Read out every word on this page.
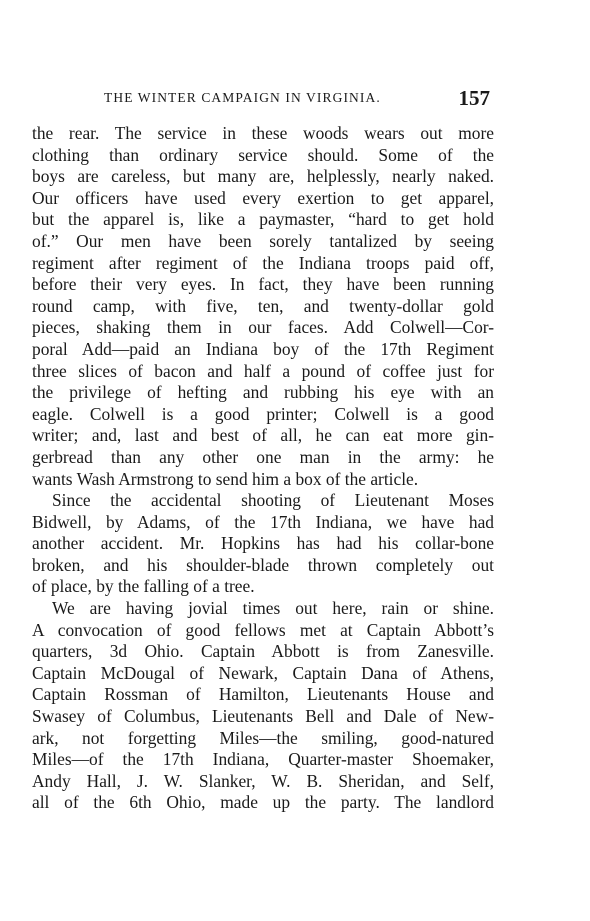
THE WINTER CAMPAIGN IN VIRGINIA.	157
the rear. The service in these woods wears out more
clothing than ordinary service should. Some of the
boys are careless, but many are, helplessly, nearly naked.
Our officers have used every exertion to get apparel,
but the apparel is, like a paymaster, “hard to get hold
of.” Our men have been sorely tantalized by seeing
regiment after regiment of the Indiana troops paid off,
before their very eyes. In fact, they have been running
round camp, with five, ten, and twenty-dollar gold
pieces, shaking them in our faces. Add Colwell—Cor-
poral Add—paid an Indiana boy of the 17th Regiment
three slices of bacon and half a pound of coffee just for
the privilege of hefting and rubbing his eye with an
eagle. Colwell is a good printer; Colwell is a good
writer; and, last and best of all, he can eat more gin-
gerbread than any other one man in the army: he
wants Wash Armstrong to send him a box of the article.
Since the accidental shooting of Lieutenant Moses
Bidwell, by Adams, of the 17th Indiana, we have had
another accident. Mr. Hopkins has had his collar-bone
broken, and his shoulder-blade thrown completely out
of place, by the falling of a tree.
We are having jovial times out here, rain or shine.
A convocation of good fellows met at Captain Abbott’s
quarters, 3d Ohio. Captain Abbott is from Zanesville.
Captain McDougal of Newark, Captain Dana of Athens,
Captain Rossman of Hamilton, Lieutenants House and
Swasey of Columbus, Lieutenants Bell and Dale of New-
ark, not forgetting Miles—the smiling, good-natured
Miles—of the 17th Indiana, Quarter-master Shoemaker,
Andy Hall, J. W. Slanker, W. B. Sheridan, and Self,
all of the 6th Ohio, made up the party. The landlord
